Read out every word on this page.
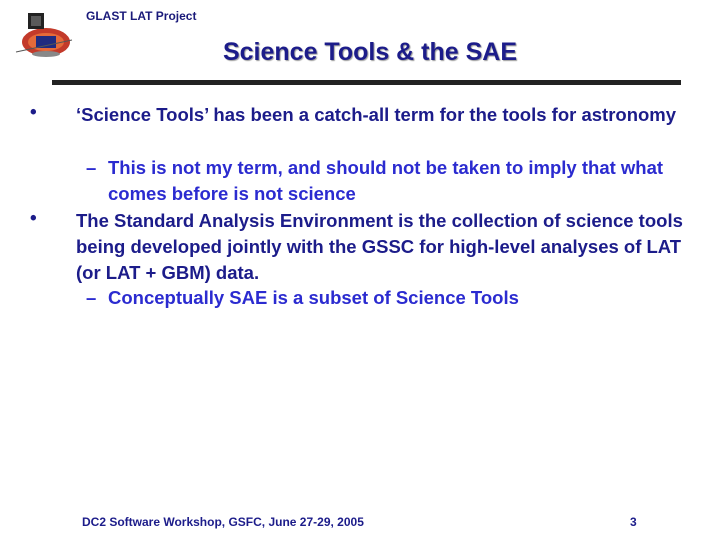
GLAST LAT Project
Science Tools & the SAE
• ‘Science Tools’ has been a catch-all term for the tools for astronomy
– This is not my term, and should not be taken to imply that what comes before is not science
• The Standard Analysis Environment is the collection of science tools being developed jointly with the GSSC for high-level analyses of LAT (or LAT + GBM) data.
– Conceptually SAE is a subset of Science Tools
DC2 Software Workshop, GSFC, June 27-29, 2005	3
